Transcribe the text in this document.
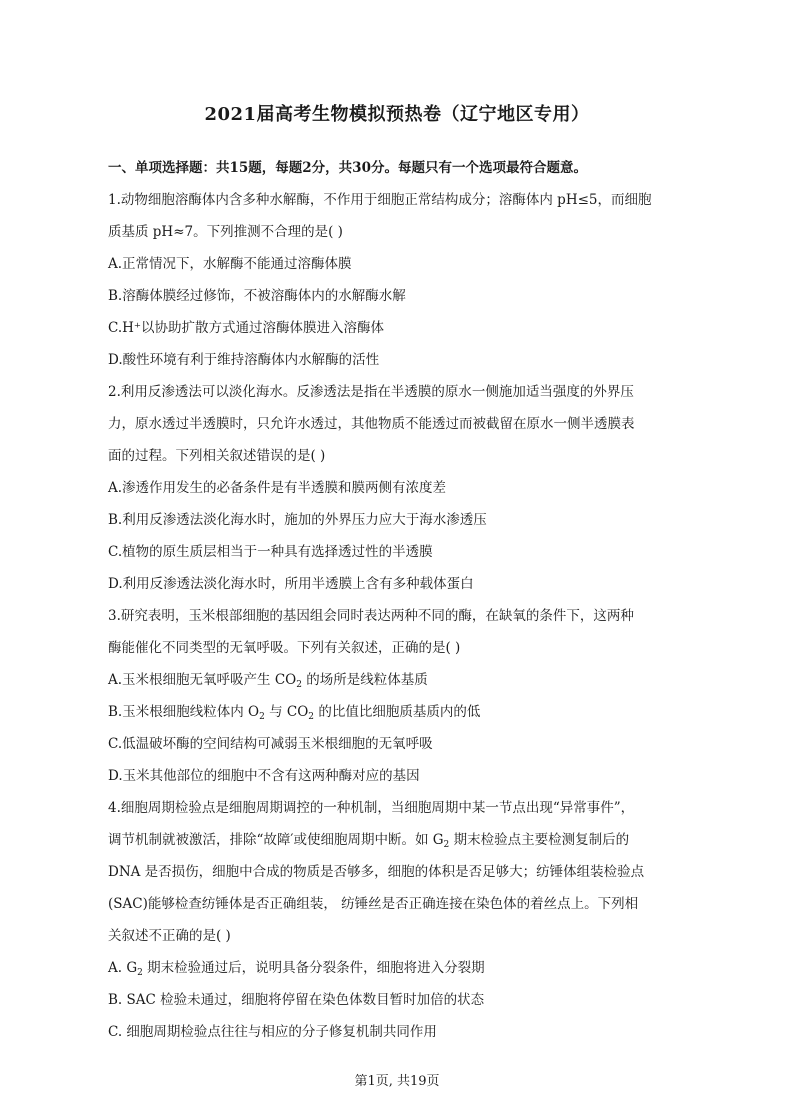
2021届高考生物模拟预热卷（辽宁地区专用）
一、单项选择题：共15题，每题2分，共30分。每题只有一个选项最符合题意。
1.动物细胞溶酶体内含多种水解酶，不作用于细胞正常结构成分；溶酶体内 pH≤5，而细胞
质基质 pH≈7。下列推测不合理的是( )
A.正常情况下，水解酶不能通过溶酶体膜
B.溶酶体膜经过修饰，不被溶酶体内的水解酶水解
C.H⁺以协助扩散方式通过溶酶体膜进入溶酶体
D.酸性环境有利于维持溶酶体内水解酶的活性
2.利用反渗透法可以淡化海水。反渗透法是指在半透膜的原水一侧施加适当强度的外界压
力，原水透过半透膜时，只允许水透过，其他物质不能透过而被截留在原水一侧半透膜表
面的过程。下列相关叙述错误的是( )
A.渗透作用发生的必备条件是有半透膜和膜两侧有浓度差
B.利用反渗透法淡化海水时，施加的外界压力应大于海水渗透压
C.植物的原生质层相当于一种具有选择透过性的半透膜
D.利用反渗透法淡化海水时，所用半透膜上含有多种载体蛋白
3.研究表明，玉米根部细胞的基因组会同时表达两种不同的酶，在缺氧的条件下，这两种
酶能催化不同类型的无氧呼吸。下列有关叙述，正确的是( )
A.玉米根细胞无氧呼吸产生 $CO_2$ 的场所是线粒体基质
B.玉米根细胞线粒体内 $O_2$ 与 $CO_2$ 的比值比细胞质基质内的低
C.低温破坏酶的空间结构可减弱玉米根细胞的无氧呼吸
D.玉米其他部位的细胞中不含有这两种酶对应的基因
4.细胞周期检验点是细胞周期调控的一种机制，当细胞周期中某一节点出现“异常事件”，
调节机制就被激活，排除“故障′或使细胞周期中断。如 $G_2$ 期末检验点主要检测复制后的
DNA 是否损伤，细胞中合成的物质是否够多，细胞的体积是否足够大；纺锤体组装检验点
(SAC)能够检查纺锤体是否正确组装， 纺锤丝是否正确连接在染色体的着丝点上。下列相
关叙述不正确的是( )
A. $G_2$ 期末检验通过后，说明具备分裂条件，细胞将进入分裂期
B. SAC 检验未通过，细胞将停留在染色体数目暂时加倍的状态
C. 细胞周期检验点往往与相应的分子修复机制共同作用
第1页, 共19页
